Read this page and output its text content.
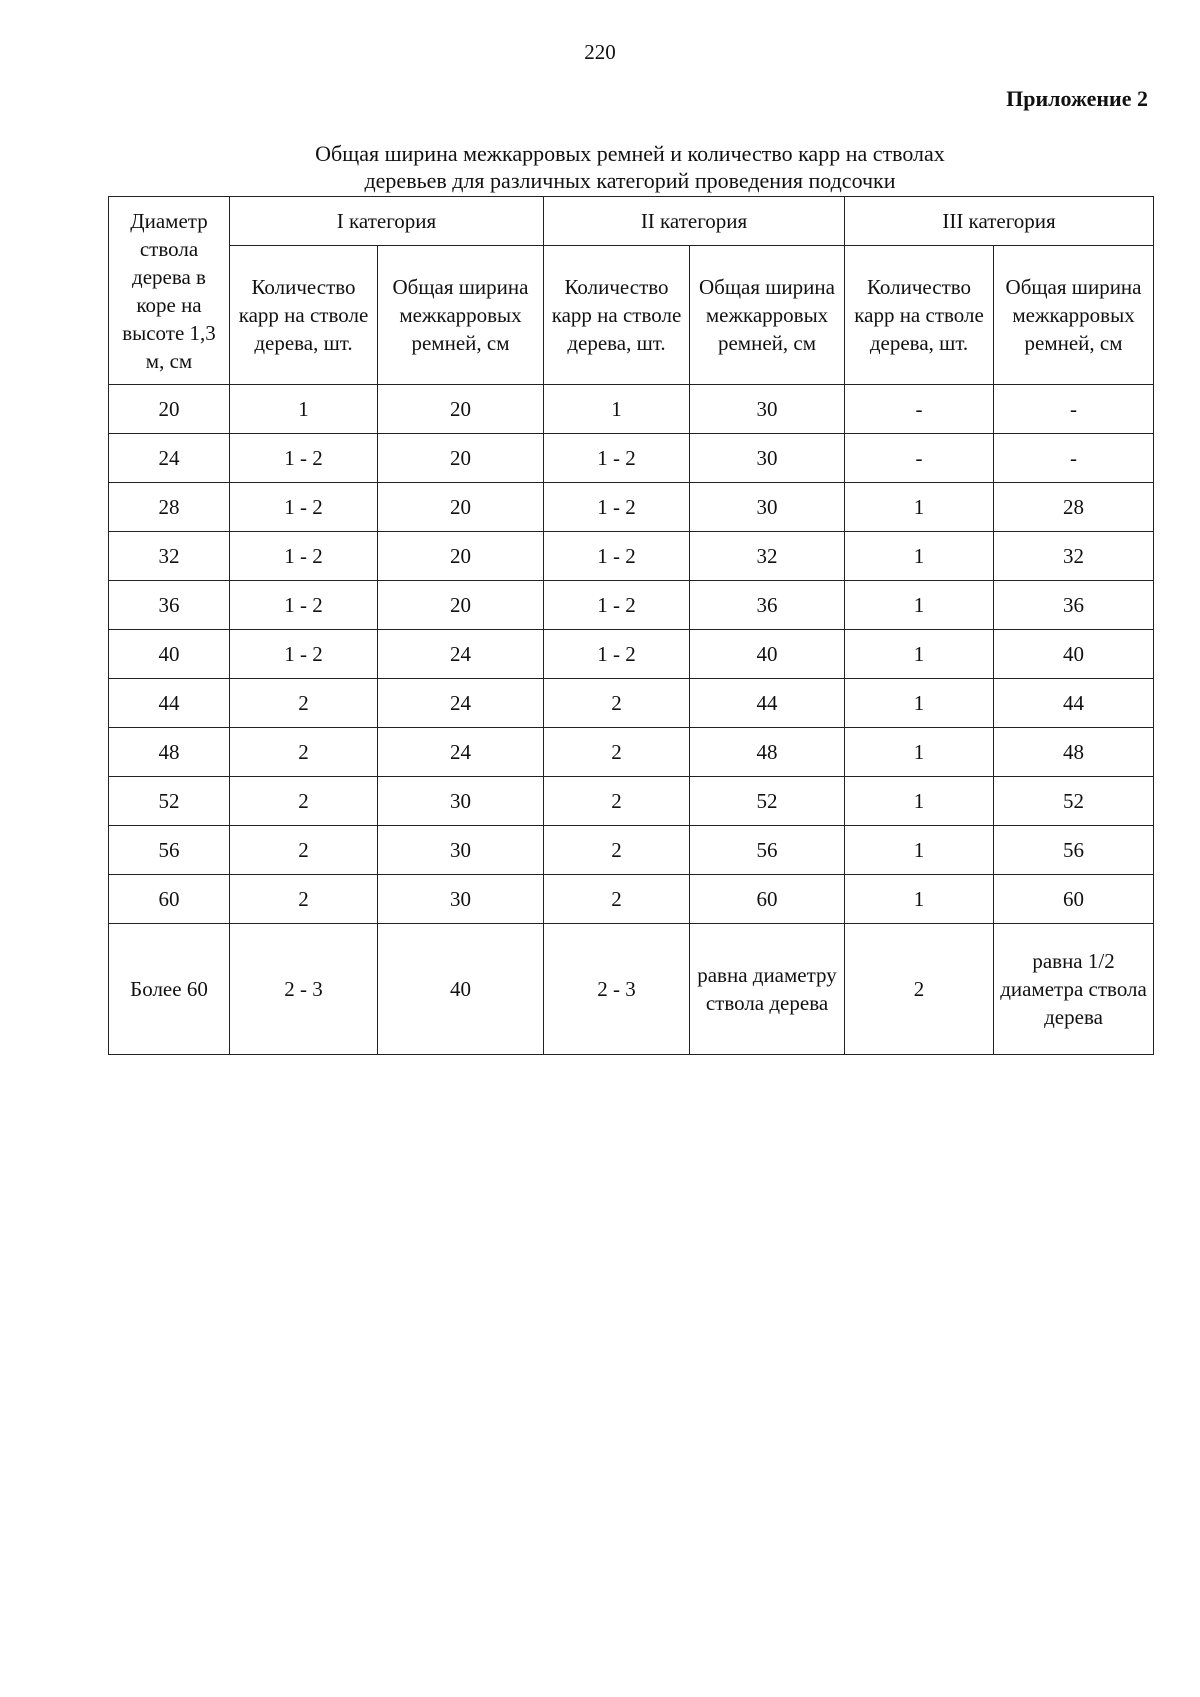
220
Приложение 2
Общая ширина межкарровых ремней и количество карр на стволах
деревьев для различных категорий проведения подсочки
Диаметр ствола дерева в коре на высоте 1,3 м, см	I категория		II категория		III категория	
	Количество карр на стволе дерева, шт.	Общая ширина межкарровых ремней, см	Количество карр на стволе дерева, шт.	Общая ширина межкарровых ремней, см	Количество карр на стволе дерева, шт.	Общая ширина межкарровых ремней, см
20	1	20	1	30	-	-
24	1 - 2	20	1 - 2	30	-	-
28	1 - 2	20	1 - 2	30	1	28
32	1 - 2	20	1 - 2	32	1	32
36	1 - 2	20	1 - 2	36	1	36
40	1 - 2	24	1 - 2	40	1	40
44	2	24	2	44	1	44
48	2	24	2	48	1	48
52	2	30	2	52	1	52
56	2	30	2	56	1	56
60	2	30	2	60	1	60
Более 60	2 - 3	40	2 - 3	равна диаметру ствола дерева	2	равна 1/2 диаметра ствола дерева
